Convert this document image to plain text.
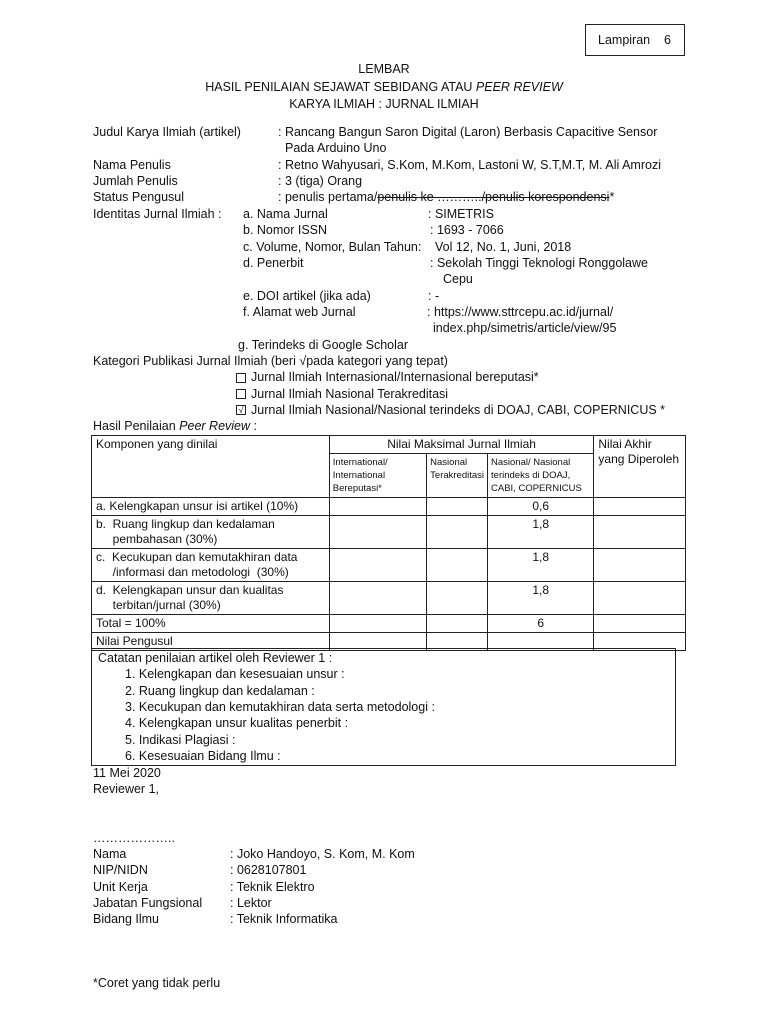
Lampiran 6
LEMBAR
HASIL PENILAIAN SEJAWAT SEBIDANG ATAU PEER REVIEW
KARYA ILMIAH : JURNAL ILMIAH
Judul Karya Ilmiah (artikel)	: Rancang Bangun Saron Digital (Laron) Berbasis Capacitive Sensor
Pada Arduino Uno
Nama Penulis	: Retno Wahyusari, S.Kom, M.Kom, Lastoni W, S.T,M.T, M. Ali Amrozi
Jumlah Penulis	: 3 (tiga) Orang
Status Pengusul	: penulis pertama/penulis ke ………../penulis korespondensi*
Identitas Jurnal Ilmiah : a. Nama Jurnal	: SIMETRIS
b. Nomor ISSN	: 1693 - 7066
c. Volume, Nomor, Bulan Tahun: Vol 12, No. 1, Juni, 2018
d. Penerbit	: Sekolah Tinggi Teknologi Ronggolawe
Cepu
e. DOI artikel (jika ada)	: -
f. Alamat web Jurnal	: https://www.sttrcepu.ac.id/jurnal/
index.php/simetris/article/view/95
g. Terindeks di Google Scholar
Kategori Publikasi Jurnal Ilmiah (beri √pada kategori yang tepat)
Jurnal Ilmiah Internasional/Internasional bereputasi*
Jurnal Ilmiah Nasional Terakreditasi
√ Jurnal Ilmiah Nasional/Nasional terindeks di DOAJ, CABI, COPERNICUS *
Hasil Penilaian Peer Review :
Komponen yang dinilai	Nilai Maksimal Jurnal Ilmiah			Nilai Akhir yang Diperoleh
	International/ International Bereputasi*	Nasional Terakreditasi	Nasional/ Nasional terindeks di DOAJ, CABI, COPERNICUS	
a. Kelengkapan unsur isi artikel (10%)			0,6	
b.  Ruang lingkup dan kedalaman
pembahasan (30%)			1,8	
c.  Kecukupan dan kemutakhiran data
/informasi dan metodologi  (30%)			1,8	
d.  Kelengkapan unsur dan kualitas
terbitan/jurnal (30%)			1,8	
Total = 100%			6	
Nilai Pengusul				
Catatan penilaian artikel oleh Reviewer 1 :
1. Kelengkapan dan kesesuaian unsur :
2. Ruang lingkup dan kedalaman :
3. Kecukupan dan kemutakhiran data serta metodologi :
4. Kelengkapan unsur kualitas penerbit :
5. Indikasi Plagiasi :
6. Kesesuaian Bidang Ilmu :
11 Mei 2020
Reviewer 1,
………………..
Nama	: Joko Handoyo, S. Kom, M. Kom
NIP/NIDN	: 0628107801
Unit Kerja	: Teknik Elektro
Jabatan Fungsional : Lektor
Bidang Ilmu	: Teknik Informatika
*Coret yang tidak perlu
